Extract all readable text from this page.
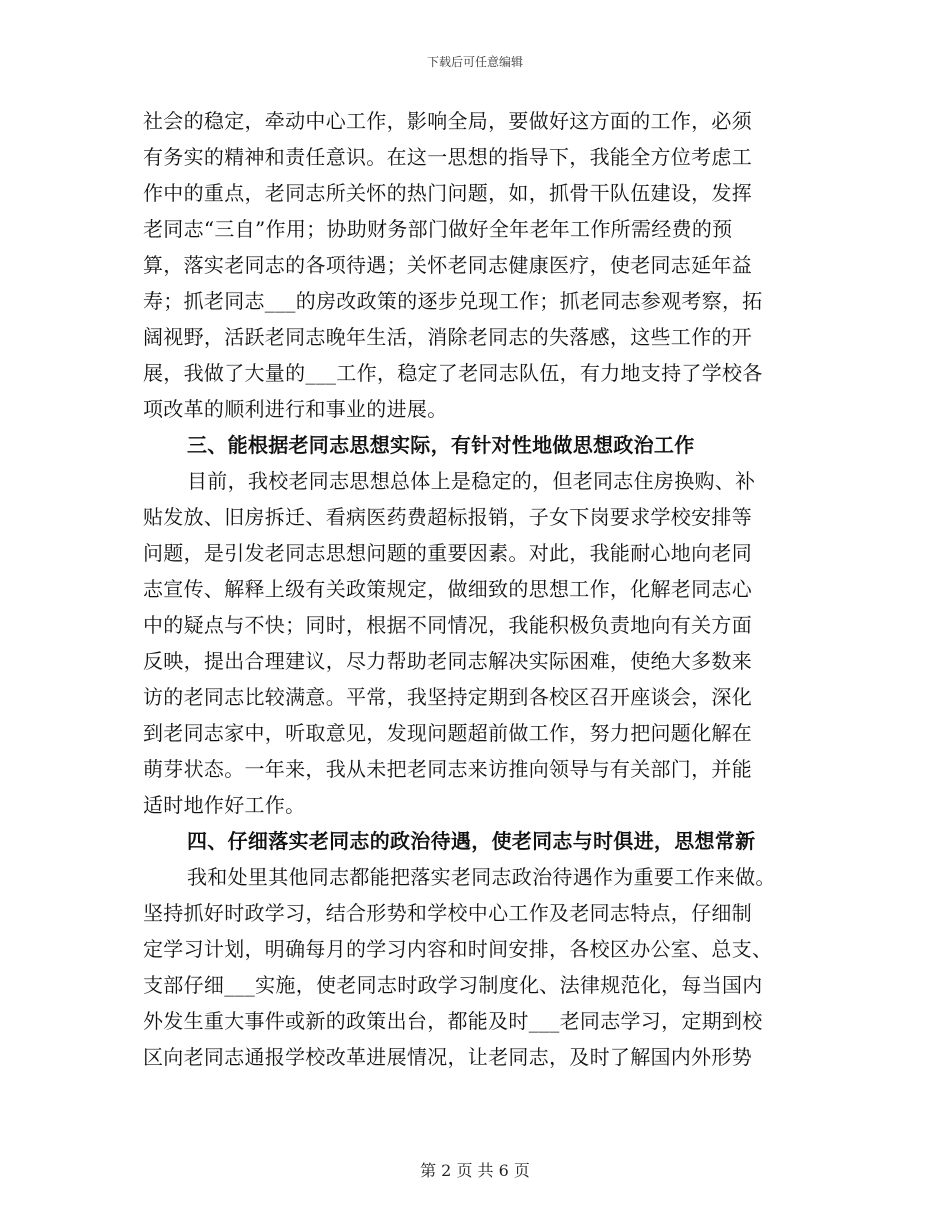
下载后可任意编辑
社会的稳定，牵动中心工作，影响全局，要做好这方面的工作，必须
有务实的精神和责任意识。在这一思想的指导下，我能全方位考虑工
作中的重点，老同志所关怀的热门问题，如，抓骨干队伍建设，发挥
老同志“三自”作用；协助财务部门做好全年老年工作所需经费的预
算，落实老同志的各项待遇；关怀老同志健康医疗，使老同志延年益
寿；抓老同志___的房改政策的逐步兑现工作；抓老同志参观考察，拓
阔视野，活跃老同志晚年生活，消除老同志的失落感，这些工作的开
展，我做了大量的___工作，稳定了老同志队伍，有力地支持了学校各
项改革的顺利进行和事业的进展。
三、能根据老同志思想实际，有针对性地做思想政治工作
目前，我校老同志思想总体上是稳定的，但老同志住房换购、补
贴发放、旧房拆迁、看病医药费超标报销，子女下岗要求学校安排等
问题，是引发老同志思想问题的重要因素。对此，我能耐心地向老同
志宣传、解释上级有关政策规定，做细致的思想工作，化解老同志心
中的疑点与不快；同时，根据不同情况，我能积极负责地向有关方面
反映，提出合理建议，尽力帮助老同志解决实际困难，使绝大多数来
访的老同志比较满意。平常，我坚持定期到各校区召开座谈会，深化
到老同志家中，听取意见，发现问题超前做工作，努力把问题化解在
萌芽状态。一年来，我从未把老同志来访推向领导与有关部门，并能
适时地作好工作。
四、仔细落实老同志的政治待遇，使老同志与时俱进，思想常新
我和处里其他同志都能把落实老同志政治待遇作为重要工作来做。
坚持抓好时政学习，结合形势和学校中心工作及老同志特点，仔细制
定学习计划，明确每月的学习内容和时间安排，各校区办公室、总支、
支部仔细___实施，使老同志时政学习制度化、法律规范化，每当国内
外发生重大事件或新的政策出台，都能及时___老同志学习，定期到校
区向老同志通报学校改革进展情况，让老同志，及时了解国内外形势
第 2 页 共 6 页
